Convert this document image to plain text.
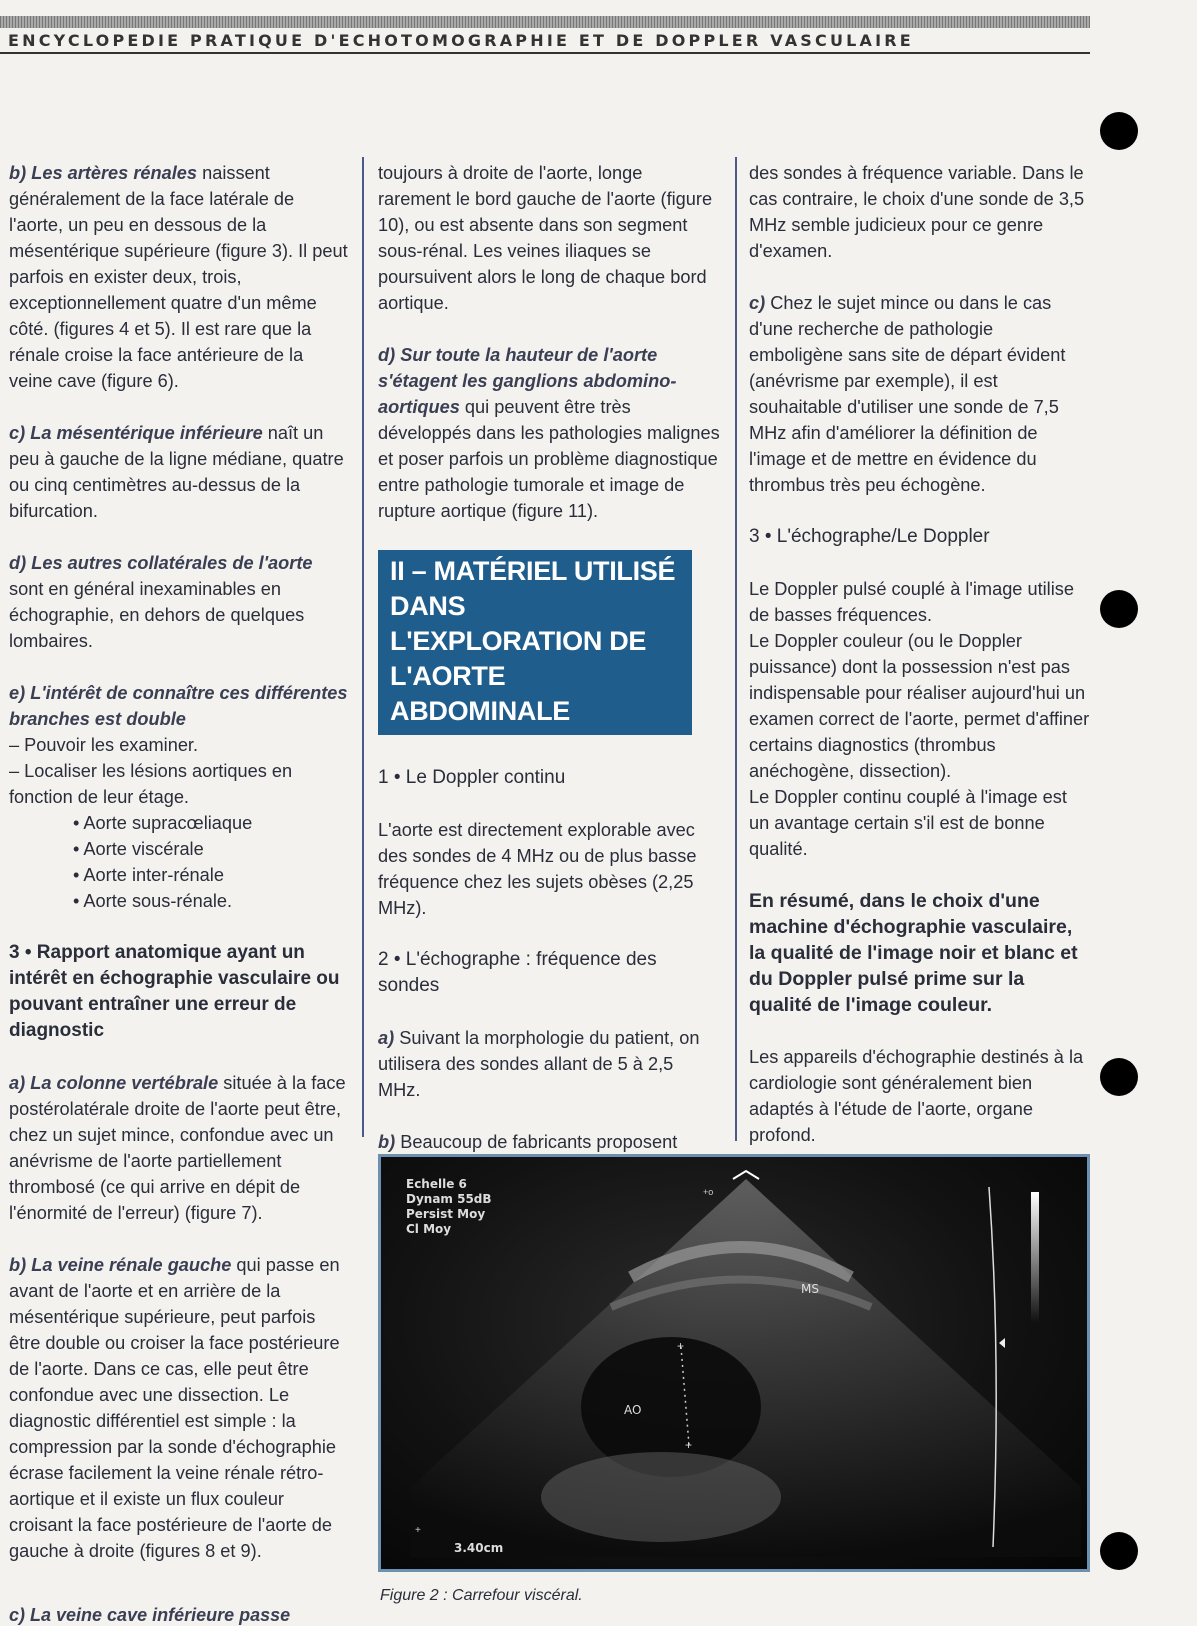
ENCYCLOPEDIE PRATIQUE D'ECHOTOMOGRAPHIE ET DE DOPPLER VASCULAIRE

b) Les artères rénales naissent généralement de la face latérale de l'aorte, un peu en dessous de la mésentérique supérieure (figure 3). Il peut parfois en exister deux, trois, exceptionnellement quatre d'un même côté. (figures 4 et 5). Il est rare que la rénale croise la face antérieure de la veine cave (figure 6).

c) La mésentérique inférieure naît un peu à gauche de la ligne médiane, quatre ou cinq centimètres au-dessus de la bifurcation.

d) Les autres collatérales de l'aorte
sont en général inexaminables en échographie, en dehors de quelques lombaires.

e) L'intérêt de connaître ces différentes branches est double
– Pouvoir les examiner.
– Localiser les lésions aortiques en fonction de leur étage.
• Aorte supracœliaque
• Aorte viscérale
• Aorte inter-rénale
• Aorte sous-rénale.

3 • Rapport anatomique ayant un intérêt en échographie vasculaire ou pouvant entraîner une erreur de diagnostic

a) La colonne vertébrale située à la face postérolatérale droite de l'aorte peut être, chez un sujet mince, confondue avec un anévrisme de l'aorte partiellement thrombosé (ce qui arrive en dépit de l'énormité de l'erreur) (figure 7).

b) La veine rénale gauche qui passe en avant de l'aorte et en arrière de la mésentérique supérieure, peut parfois être double ou croiser la face postérieure de l'aorte. Dans ce cas, elle peut être confondue avec une dissection. Le diagnostic différentiel est simple : la compression par la sonde d'échographie écrase facilement la veine rénale rétro-aortique et il existe un flux couleur croisant la face postérieure de l'aorte de gauche à droite (figures 8 et 9).

c) La veine cave inférieure passe

toujours à droite de l'aorte, longe rarement le bord gauche de l'aorte (figure 10), ou est absente dans son segment sous-rénal. Les veines iliaques se poursuivent alors le long de chaque bord aortique.

d) Sur toute la hauteur de l'aorte s'étagent les ganglions abdomino-aortiques qui peuvent être très développés dans les pathologies malignes et poser parfois un problème diagnostique entre pathologie tumorale et image de rupture aortique (figure 11).

II – MATÉRIEL UTILISÉ DANS L'EXPLORATION DE L'AORTE ABDOMINALE

1 • Le Doppler continu

L'aorte est directement explorable avec des sondes de 4 MHz ou de plus basse fréquence chez les sujets obèses (2,25 MHz).

2 • L'échographe : fréquence des sondes

a) Suivant la morphologie du patient, on utilisera des sondes allant de 5 à 2,5 MHz.

b) Beaucoup de fabricants proposent

des sondes à fréquence variable. Dans le cas contraire, le choix d'une sonde de 3,5 MHz semble judicieux pour ce genre d'examen.

c) Chez le sujet mince ou dans le cas d'une recherche de pathologie emboligène sans site de départ évident (anévrisme par exemple), il est souhaitable d'utiliser une sonde de 7,5 MHz afin d'améliorer la définition de l'image et de mettre en évidence du thrombus très peu échogène.

3 • L'échographe/Le Doppler

Le Doppler pulsé couplé à l'image utilise de basses fréquences.
Le Doppler couleur (ou le Doppler puissance) dont la possession n'est pas indispensable pour réaliser aujourd'hui un examen correct de l'aorte, permet d'affiner certains diagnostics (thrombus anéchogène, dissection).
Le Doppler continu couplé à l'image est un avantage certain s'il est de bonne qualité.

En résumé, dans le choix d'une machine d'échographie vasculaire, la qualité de l'image noir et blanc et du Doppler pulsé prime sur la qualité de l'image couleur.

Les appareils d'échographie destinés à la cardiologie sont généralement bien adaptés à l'étude de l'aorte, organe profond.

+
+
+o
+
Echelle 6
Dynam 55dB
Persist Moy
Cl Moy
MS
AO
3.40cm
Figure 2 : Carrefour viscéral.
